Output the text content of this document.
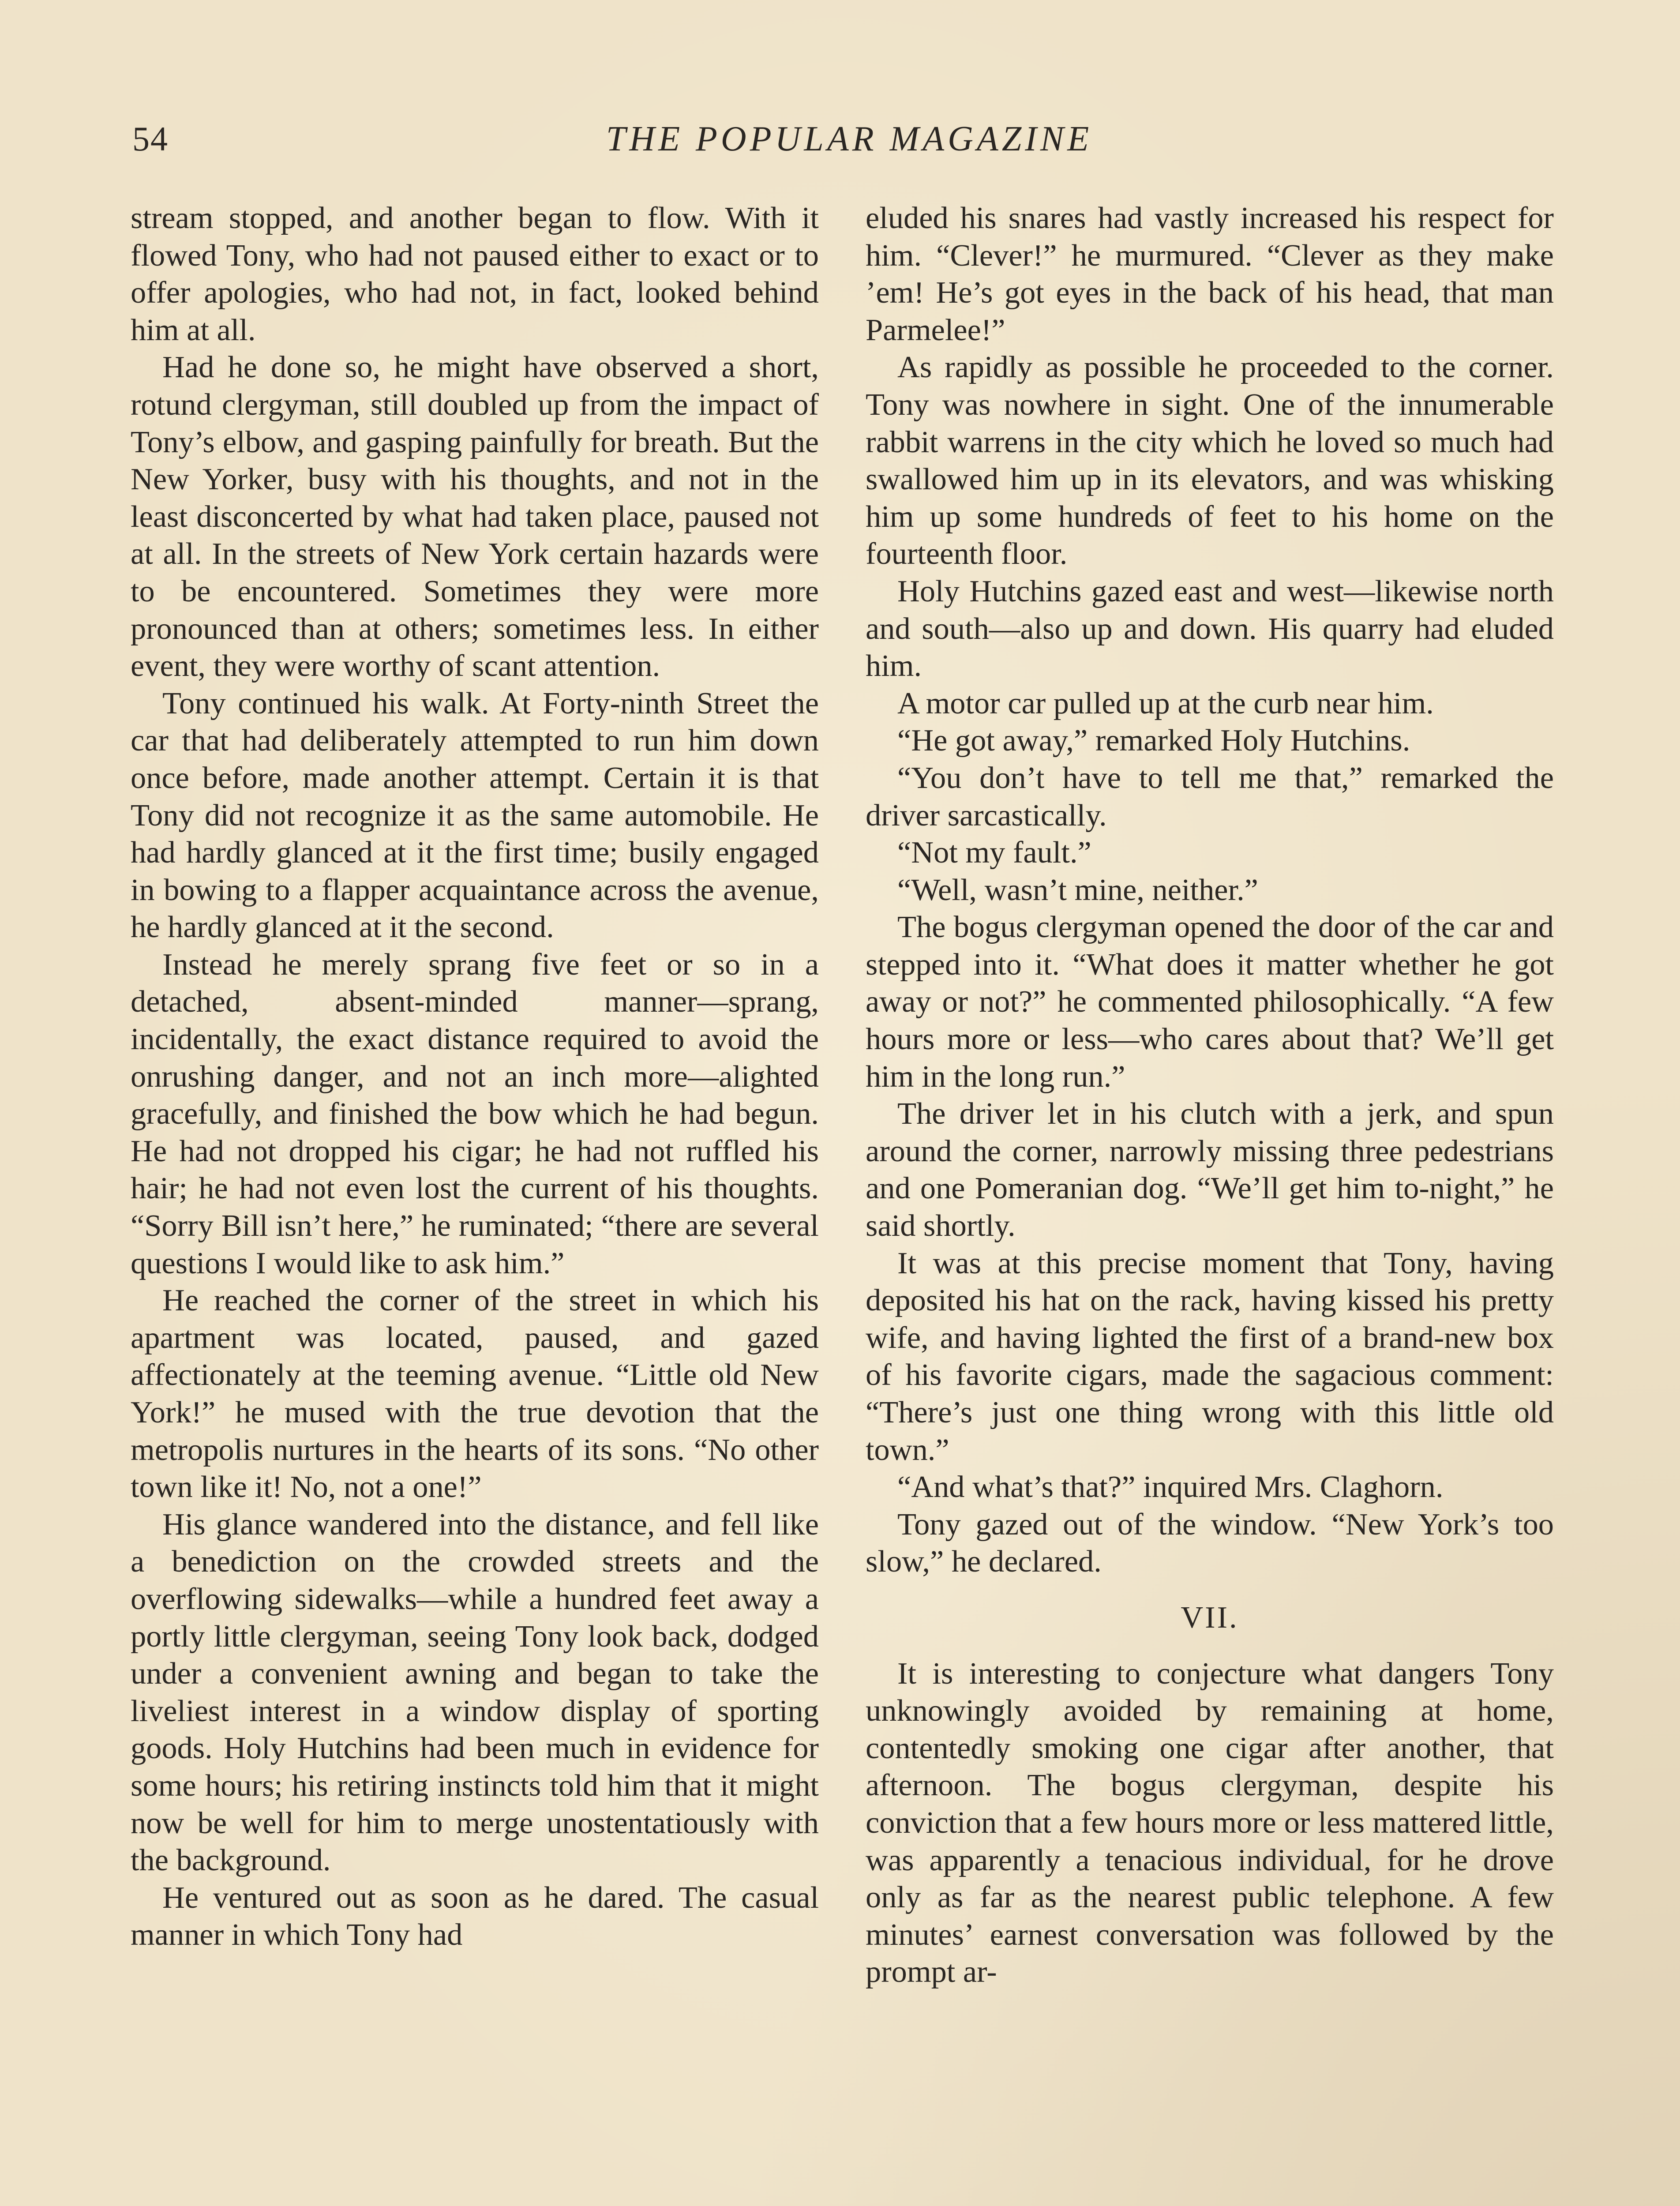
54	THE POPULAR MAGAZINE

stream stopped, and another began to flow. With it flowed Tony, who had not paused either to exact or to offer apologies, who had not, in fact, looked behind him at all.

Had he done so, he might have observed a short, rotund clergyman, still doubled up from the impact of Tony’s elbow, and gasping painfully for breath. But the New Yorker, busy with his thoughts, and not in the least disconcerted by what had taken place, paused not at all. In the streets of New York certain hazards were to be encountered. Sometimes they were more pronounced than at others; sometimes less. In either event, they were worthy of scant attention.

Tony continued his walk. At Forty-ninth Street the car that had deliberately attempted to run him down once before, made another attempt. Certain it is that Tony did not recognize it as the same automobile. He had hardly glanced at it the first time; busily engaged in bowing to a flapper acquaintance across the avenue, he hardly glanced at it the second.

Instead he merely sprang five feet or so in a detached, absent-minded manner—sprang, incidentally, the exact distance required to avoid the onrushing danger, and not an inch more—alighted gracefully, and finished the bow which he had begun. He had not dropped his cigar; he had not ruffled his hair; he had not even lost the current of his thoughts. “Sorry Bill isn’t here,” he ruminated; “there are several questions I would like to ask him.”

He reached the corner of the street in which his apartment was located, paused, and gazed affectionately at the teeming avenue. “Little old New York!” he mused with the true devotion that the metropolis nurtures in the hearts of its sons. “No other town like it! No, not a one!”

His glance wandered into the distance, and fell like a benediction on the crowded streets and the overflowing sidewalks—while a hundred feet away a portly little clergyman, seeing Tony look back, dodged under a convenient awning and began to take the liveliest interest in a window display of sporting goods. Holy Hutchins had been much in evidence for some hours; his retiring instincts told him that it might now be well for him to merge unostentatiously with the background.

He ventured out as soon as he dared. The casual manner in which Tony had

eluded his snares had vastly increased his respect for him. “Clever!” he murmured. “Clever as they make ’em! He’s got eyes in the back of his head, that man Parmelee!”

As rapidly as possible he proceeded to the corner. Tony was nowhere in sight. One of the innumerable rabbit warrens in the city which he loved so much had swallowed him up in its elevators, and was whisking him up some hundreds of feet to his home on the fourteenth floor.

Holy Hutchins gazed east and west—likewise north and south—also up and down. His quarry had eluded him.

A motor car pulled up at the curb near him.

“He got away,” remarked Holy Hutchins.

“You don’t have to tell me that,” remarked the driver sarcastically.

“Not my fault.”

“Well, wasn’t mine, neither.”

The bogus clergyman opened the door of the car and stepped into it. “What does it matter whether he got away or not?” he commented philosophically. “A few hours more or less—who cares about that? We’ll get him in the long run.”

The driver let in his clutch with a jerk, and spun around the corner, narrowly missing three pedestrians and one Pomeranian dog. “We’ll get him to-night,” he said shortly.

It was at this precise moment that Tony, having deposited his hat on the rack, having kissed his pretty wife, and having lighted the first of a brand-new box of his favorite cigars, made the sagacious comment: “There’s just one thing wrong with this little old town.”

“And what’s that?” inquired Mrs. Claghorn.

Tony gazed out of the window. “New York’s too slow,” he declared.

VII.

It is interesting to conjecture what dangers Tony unknowingly avoided by remaining at home, contentedly smoking one cigar after another, that afternoon. The bogus clergyman, despite his conviction that a few hours more or less mattered little, was apparently a tenacious individual, for he drove only as far as the nearest public telephone. A few minutes’ earnest conversation was followed by the prompt ar-
